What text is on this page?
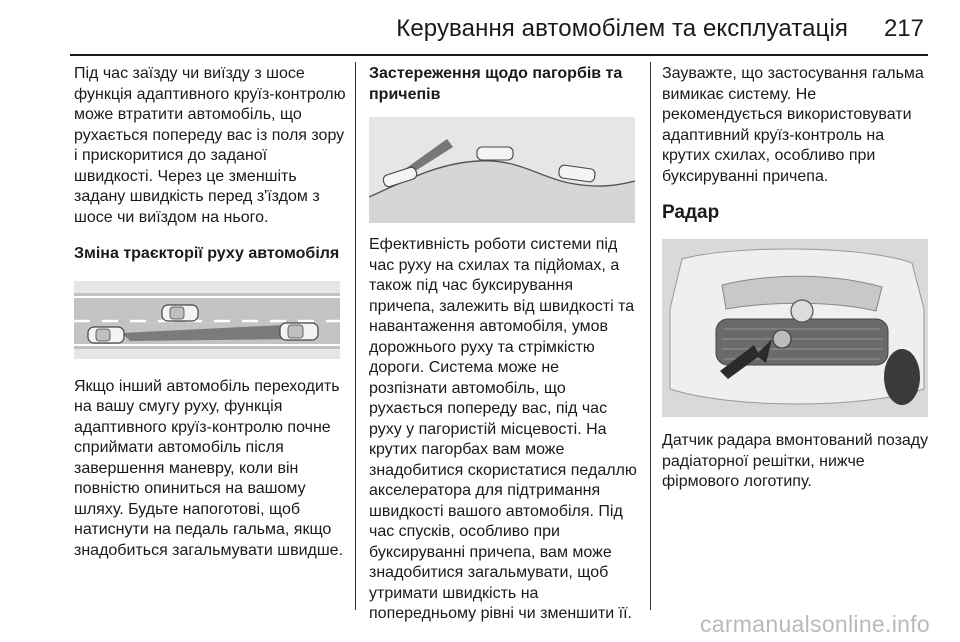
Керування автомобілем та експлуатація 217

Під час заїзду чи виїзду з шосе функція адаптивного круїз-контролю може втратити автомобіль, що рухається попереду вас із поля зору і прискоритися до заданої швидкості. Через це зменшіть задану швидкість перед з'їздом з шосе чи виїздом на нього.

Зміна траєкторії руху автомобіля

Якщо інший автомобіль переходить на вашу смугу руху, функція адаптивного круїз-контролю почне сприймати автомобіль після завершення маневру, коли він повністю опиниться на вашому шляху. Будьте напоготові, щоб натиснути на педаль гальма, якщо знадобиться загальмувати швидше.

Застереження щодо пагорбів та причепів

Ефективність роботи системи під час руху на схилах та підйомах, а також під час буксирування причепа, залежить від швидкості та навантаження автомобіля, умов дорожнього руху та стрімкістю дороги. Система може не розпізнати автомобіль, що рухається попереду вас, під час руху у пагористій місцевості. На крутих пагорбах вам може знадобитися скористатися педаллю акселератора для підтримання швидкості вашого автомобіля. Під час спусків, особливо при буксируванні причепа, вам може знадобитися загальмувати, щоб утримати швидкість на попередньому рівні чи зменшити її.

Зауважте, що застосування гальма вимикає систему. Не рекомендується використовувати адаптивний круїз-контроль на крутих схилах, особливо при буксируванні причепа.

Радар

Датчик радара вмонтований позаду радіаторної решітки, нижче фірмового логотипу.

carmanualsonline.info
